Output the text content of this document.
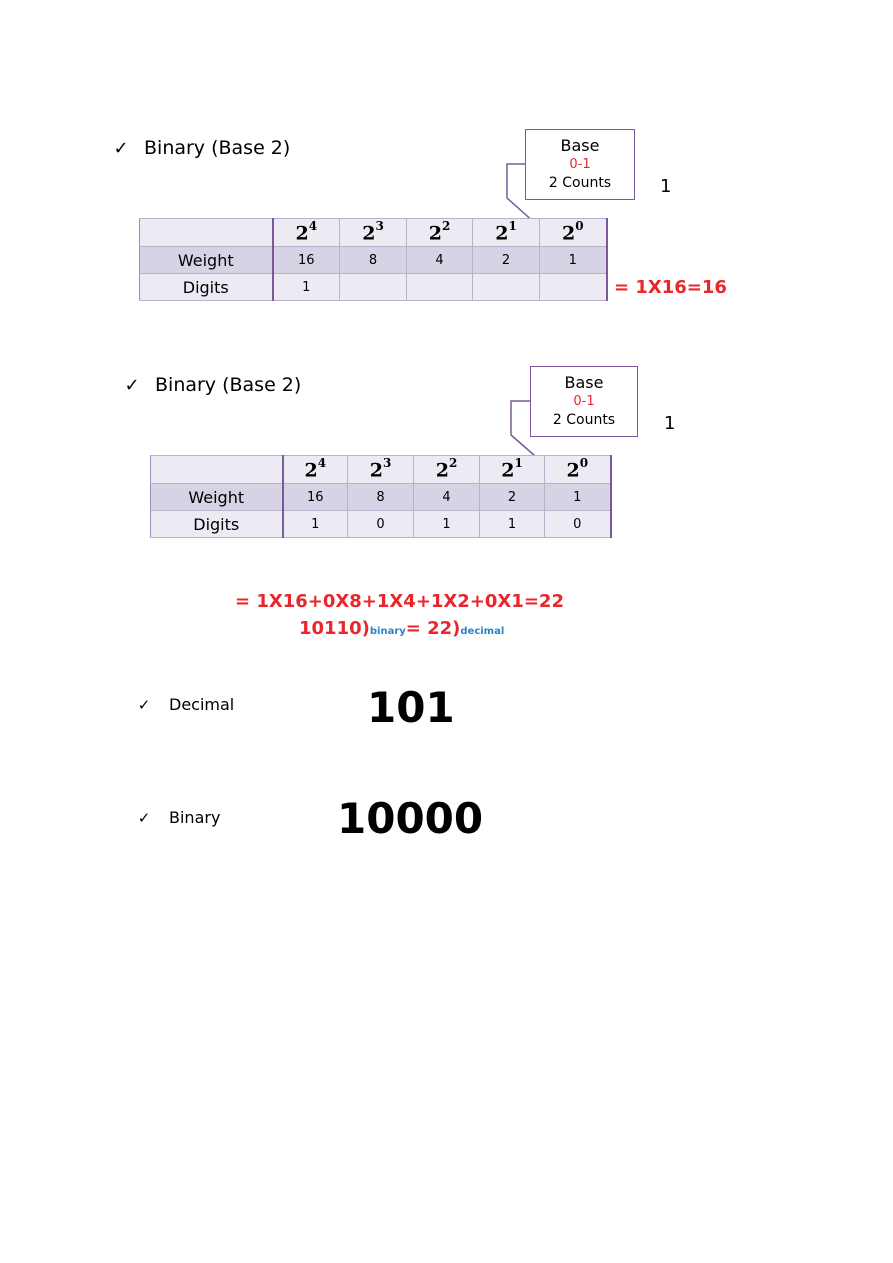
✓ Binary (Base 2)	Base
0-1
2 Counts	1
	$2^4$	$2^3$	$2^2$	$2^1$	$2^0$
Weight	16	8	4	2	1
Digits	1					= 1X16=16
✓ Binary (Base 2)	Base
0-1
2 Counts	1
	$2^4$	$2^3$	$2^2$	$2^1$	$2^0$
Weight	16	8	4	2	1
Digits	1	0	1	1	0
= 1X16+0X8+1X4+1X2+0X1=22
10110)binary= 22)decimal
✓ Decimal	101
✓ Binary	10000
